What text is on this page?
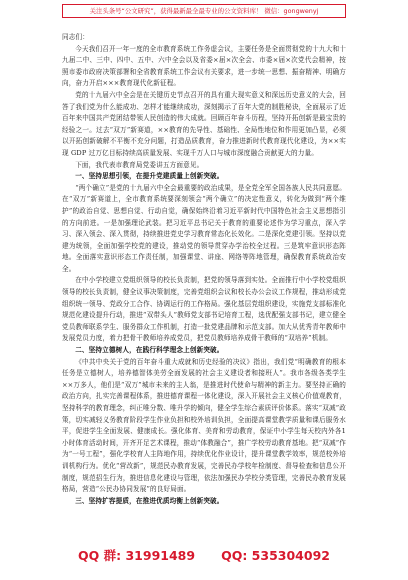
关注头条号“公文研究”，获得最新最全最专业的公文资料库！ 微信：gongwenyj

同志们：

今天我们召开一年一度的全市教育系统工作务虚会议，主要任务是全面贯彻党的十九大和十九届二中、三中、四中、五中、六中全会以及省委×届×次全会、市委×届×次党代会精神，按照市委市政府决策部署和全省教育系统工作会议有关要求，进一步统一思想、振奋精神、明确方向，奋力开启×××教育现代化新征程。

党的十九届六中全会是在关键历史节点召开的具有重大现实意义和深远历史意义的大会，回答了我们党为什么能成功、怎样才能继续成功，深刻揭示了百年大党的制胜秘诀，全面展示了近百年来中国共产党团结带领人民创造的伟大成就。回顾百年奋斗历程，坚持开拓创新是最宝贵的经验之一。过去“双万”新赛道，××教育的先导性、基础性、全局性地位和作用更加凸显，必须以开拓创新破解不平衡不充分问题，打造品质教育，奋力推进新时代教育现代化建设，为××实现 GDP 过万亿目标持续高质量发展、实现千万人口与城市深度融合贡献更大的力量。

下面，我代表市教育局党委讲五方面意见。

一、坚持思想引领，在提升党建质量上创新突破。

“两个确立”是党的十九届六中全会最重要的政治成果，是全党全军全国各族人民共同意愿。在“双万”新赛道上，全市教育系统要深刻领会“两个确立”的决定性意义，转化为做到“两个维护”的政治自觉、思想自觉、行动自觉，确保始终沿着习近平新时代中国特色社会主义思想指引的方向前进。一是加强理论武装。把习近平总书记关于教育的重要论述作为学习重点，深入学习、深入领会、深入贯彻，持续推进党史学习教育常态化长效化。二是深化党建引领。坚持以党建为统领，全面加强学校党的建设，推动党的领导贯穿办学治校全过程。三是筑牢意识形态阵地。全面落实意识形态工作责任制，加强课堂、讲座、网络等阵地管理，确保教育系统政治安全。

在中小学校建立党组织领导的校长负责制，把党的领导落到实处。全面推行中小学校党组织领导的校长负责制，健全议事决策制度，完善党组织会议和校长办公会议工作规程，推动形成党组织统一领导、党政分工合作、协调运行的工作格局。强化基层党组织建设，实施党支部标准化规范化建设提升行动，推进“双带头人”教师党支部书记培育工程，选优配强支部书记，建立健全党员教师联系学生、服务群众工作机制，打造一批党建品牌和示范支部。加大从优秀青年教师中发展党员力度，着力把骨干教师培养成党员，把党员教师培养成骨干教师的“双培养”机制。

二、坚持立德树人，在践行科学理念上创新突破。

《中共中央关于党的百年奋斗重大成就和历史经验的决议》指出，我们党“明确教育的根本任务是立德树人，培养德智体美劳全面发展的社会主义建设者和接班人”。我市各级各类学生××万多人，他们是“双万”城市未来的主人翁，是推进时代使命与精神的新主力。要坚持正确的政治方向，扎实完善课程体系，推进德育课程一体化建设，深入开展社会主义核心价值观教育，坚持科学的教育理念，纠正唯分数、唯升学的倾向，健全学生综合素质评价体系。落实“双减”政策，切实减轻义务教育阶段学生作业负担和校外培训负担，全面提高课堂教学质量和课后服务水平，促进学生全面发展、健康成长。强化体育、美育和劳动教育，保证中小学生每天校内外各1小时体育活动时间，开齐开足艺术课程，推动“体教融合”，推广学校劳动教育基地。把“双减”作为“一号工程”，强化学校育人主阵地作用，持续优化作业设计，提升课堂教学效率，规范校外培训机构行为。优化“营改新”，规范民办教育发展，完善民办学校年检制度、督导检查和信息公开制度，规范招生行为，推进信息化建设与管理，依法加强民办学校分类管理，完善民办教育发展格局，营造“公民办协同发展”的良好局面。

三、坚持扩容提质，在推进优质均衡上创新突破。

QQ 群: 31991489 QQ: 535304092
